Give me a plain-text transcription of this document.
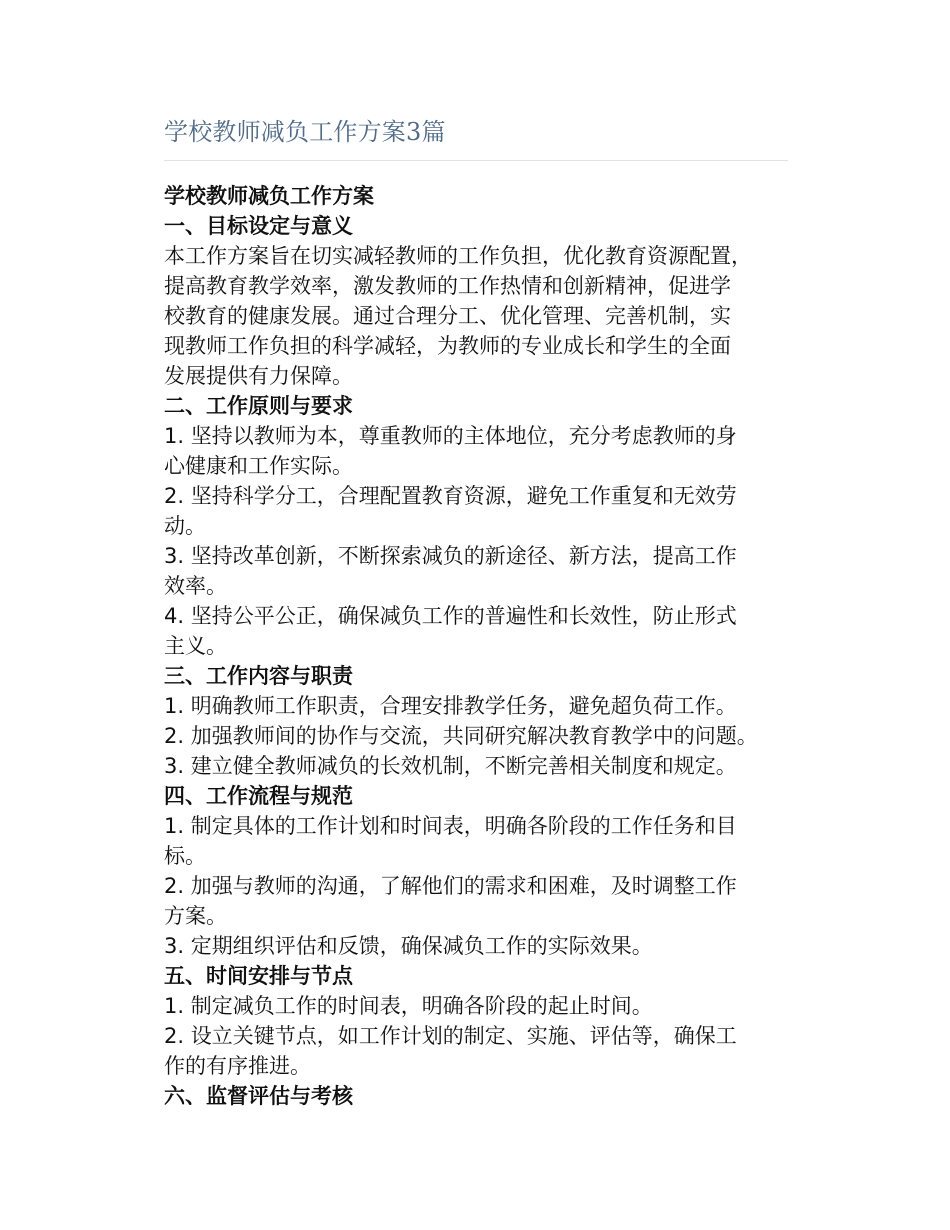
学校教师减负工作方案3篇

学校教师减负工作方案

一、目标设定与意义

本工作方案旨在切实减轻教师的工作负担，优化教育资源配置，

提高教育教学效率，激发教师的工作热情和创新精神，促进学

校教育的健康发展。通过合理分工、优化管理、完善机制，实

现教师工作负担的科学减轻，为教师的专业成长和学生的全面

发展提供有力保障。

二、工作原则与要求

1. 坚持以教师为本，尊重教师的主体地位，充分考虑教师的身

心健康和工作实际。

2. 坚持科学分工，合理配置教育资源，避免工作重复和无效劳

动。

3. 坚持改革创新，不断探索减负的新途径、新方法，提高工作

效率。

4. 坚持公平公正，确保减负工作的普遍性和长效性，防止形式

主义。

三、工作内容与职责

1. 明确教师工作职责，合理安排教学任务，避免超负荷工作。

2. 加强教师间的协作与交流，共同研究解决教育教学中的问题。

3. 建立健全教师减负的长效机制，不断完善相关制度和规定。

四、工作流程与规范

1. 制定具体的工作计划和时间表，明确各阶段的工作任务和目

标。

2. 加强与教师的沟通，了解他们的需求和困难，及时调整工作

方案。

3. 定期组织评估和反馈，确保减负工作的实际效果。

五、时间安排与节点

1. 制定减负工作的时间表，明确各阶段的起止时间。

2. 设立关键节点，如工作计划的制定、实施、评估等，确保工

作的有序推进。

六、监督评估与考核
